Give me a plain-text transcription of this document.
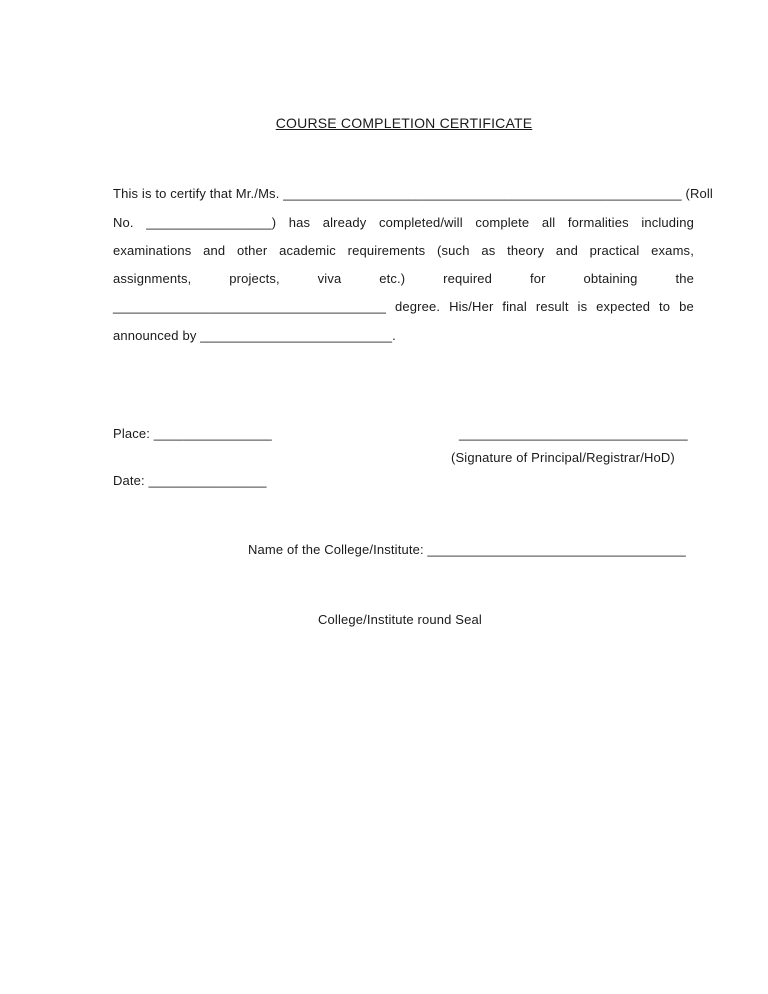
COURSE COMPLETION CERTIFICATE
This is to certify that Mr./Ms. ______________________________________________________ (Roll
No. _________________) has already completed/will complete all formalities including
examinations and other academic requirements (such as theory and practical exams,
assignments,	projects,	viva	etc.)	required	for	obtaining	the
_____________________________________ degree. His/Her final result is expected to be
announced by __________________________.
Place: ________________	_______________________________
(Signature of Principal/Registrar/HoD)
Date: ________________
Name of the College/Institute: ___________________________________
College/Institute round Seal
